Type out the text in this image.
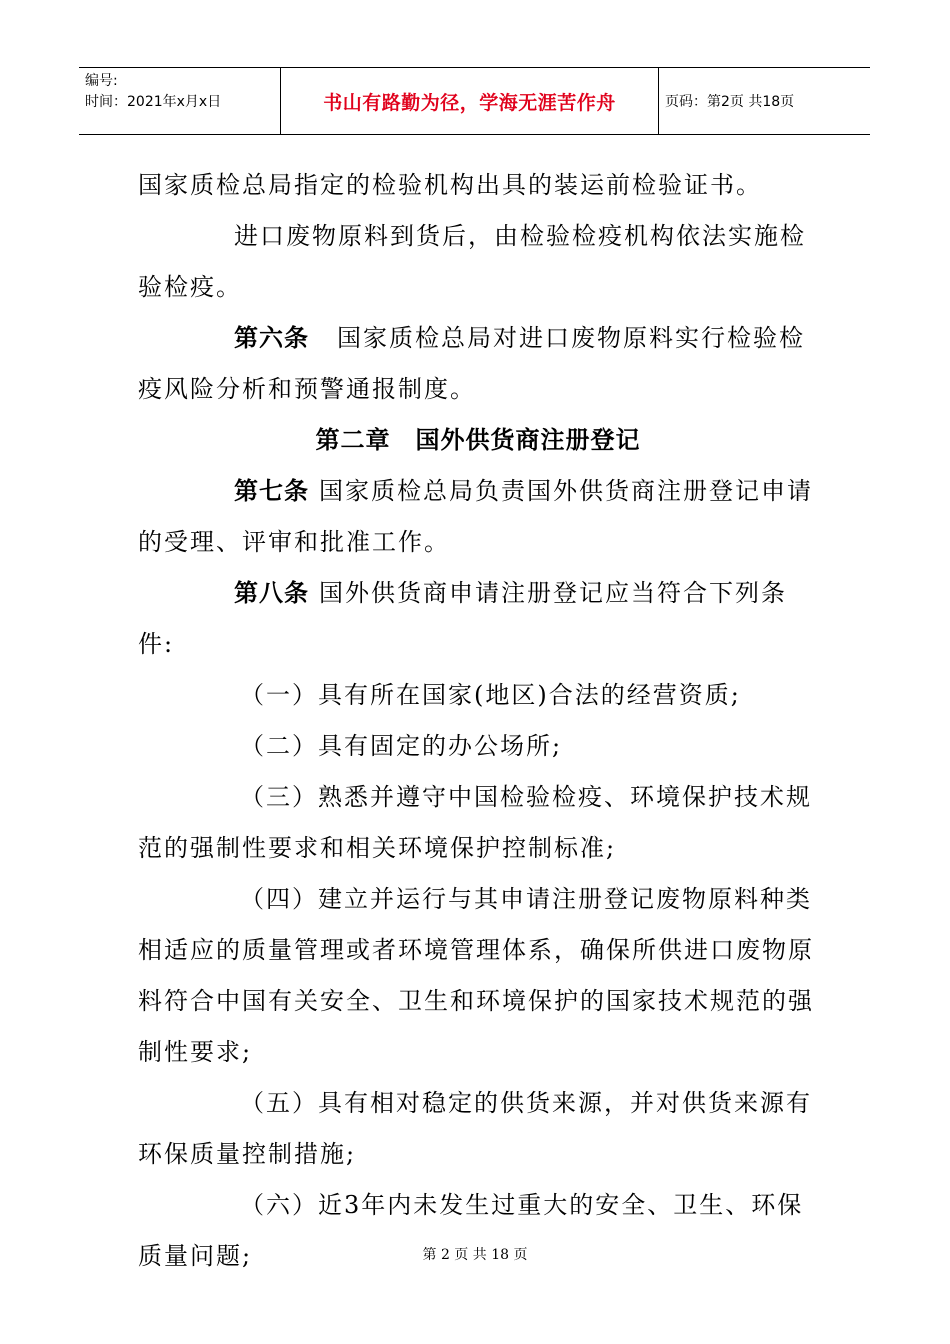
编号:
时间：2021年x月x日	书山有路勤为径，学海无涯苦作舟	页码：第2页 共18页

国家质检总局指定的检验机构出具的装运前检验证书。

进口废物原料到货后，由检验检疫机构依法实施检验检疫。

第六条 国家质检总局对进口废物原料实行检验检疫风险分析和预警通报制度。

第二章　国外供货商注册登记

第七条 国家质检总局负责国外供货商注册登记申请的受理、评审和批准工作。

第八条 国外供货商申请注册登记应当符合下列条件:

（一）具有所在国家(地区)合法的经营资质;

（二）具有固定的办公场所;

（三）熟悉并遵守中国检验检疫、环境保护技术规范的强制性要求和相关环境保护控制标准;

（四）建立并运行与其申请注册登记废物原料种类相适应的质量管理或者环境管理体系，确保所供进口废物原料符合中国有关安全、卫生和环境保护的国家技术规范的强制性要求;

（五）具有相对稳定的供货来源，并对供货来源有环保质量控制措施;

（六）近3年内未发生过重大的安全、卫生、环保质量问题;	第 2 页 共 18 页
